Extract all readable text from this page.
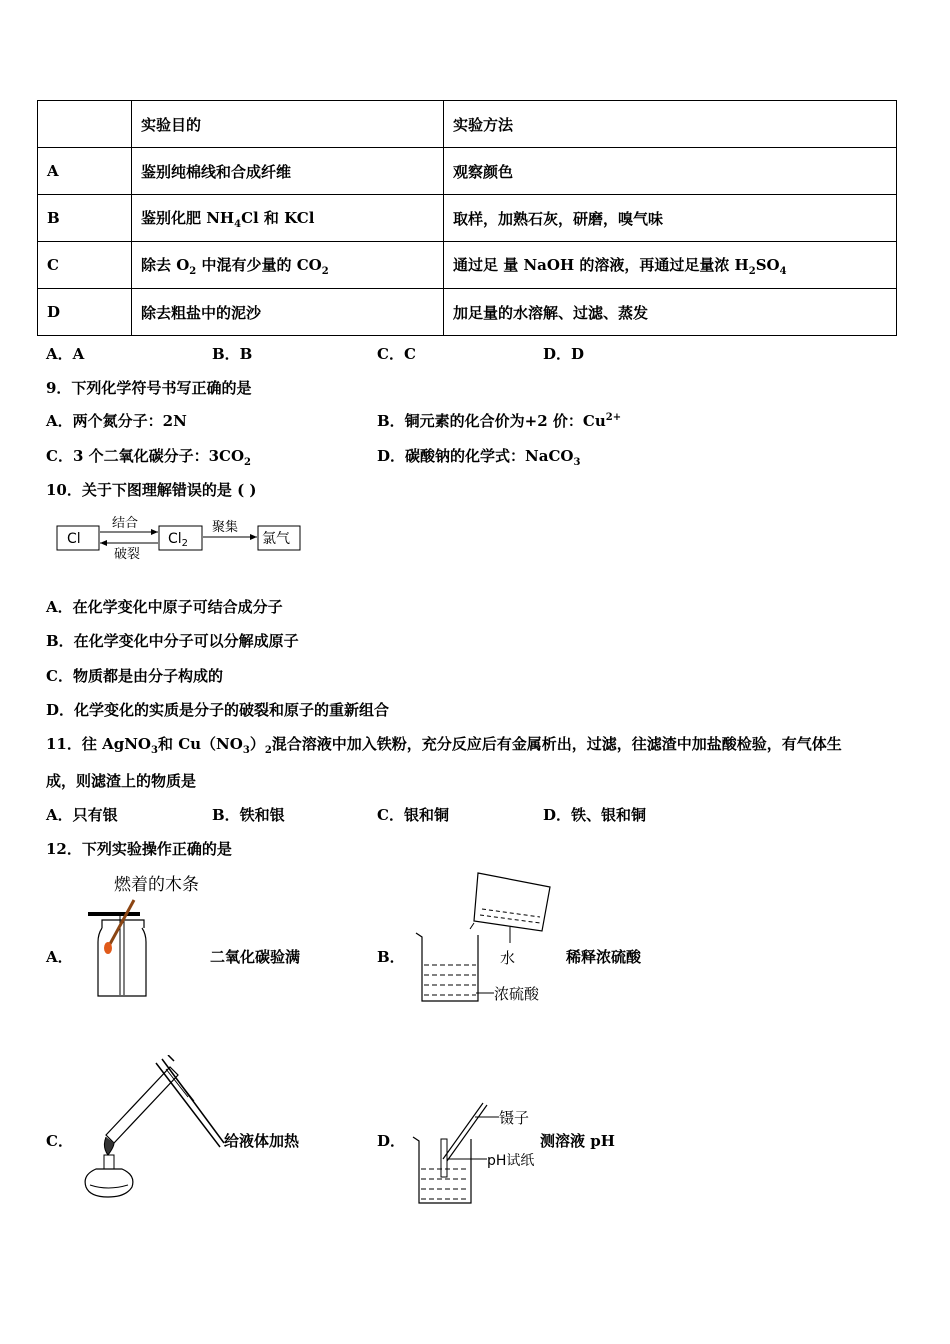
	实验目的	实验方法
A	鉴别纯棉线和合成纤维	观察颜色
B	鉴别化肥 $NH_4Cl$ 和 KCl	取样，加熟石灰，研磨，嗅气味
C	除去 $O_2$ 中混有少量的 $CO_2$	通过足 量 NaOH 的溶液，再通过足量浓 $H_2SO_4$
D	除去粗盐中的泥沙	加足量的水溶解、过滤、蒸发
A．A	B．B	C．C	D．D
9．下列化学符号书写正确的是
A．两个氮分子：2N	B．铜元素的化合价为+2 价：$Cu^{2+}$
C．3 个二氧化碳分子：$3CO_2$	D．碳酸钠的化学式：NaCO$_3$
10．关于下图理解错误的是 ( )
Cl
结合
破裂
$Cl_2$
聚集
氯气
A．在化学变化中原子可结合成分子
B．在化学变化中分子可以分解成原子
C．物质都是由分子构成的
D．化学变化的实质是分子的破裂和原子的重新组合
11．往 AgNO$_3$和 $Cu(NO_3)_2$混合溶液中加入铁粉，充分反应后有金属析出，过滤，往滤渣中加盐酸检验，有气体生
成，则滤渣上的物质是
A．只有银	B．铁和银	C．银和铜	D．铁、银和铜
12．下列实验操作正确的是
A．
燃着的木条
二氧化碳验满	B．	水
浓硫酸
稀释浓硫酸
C．	给液体加热	D．
镊子
pH试纸
测溶液 pH
